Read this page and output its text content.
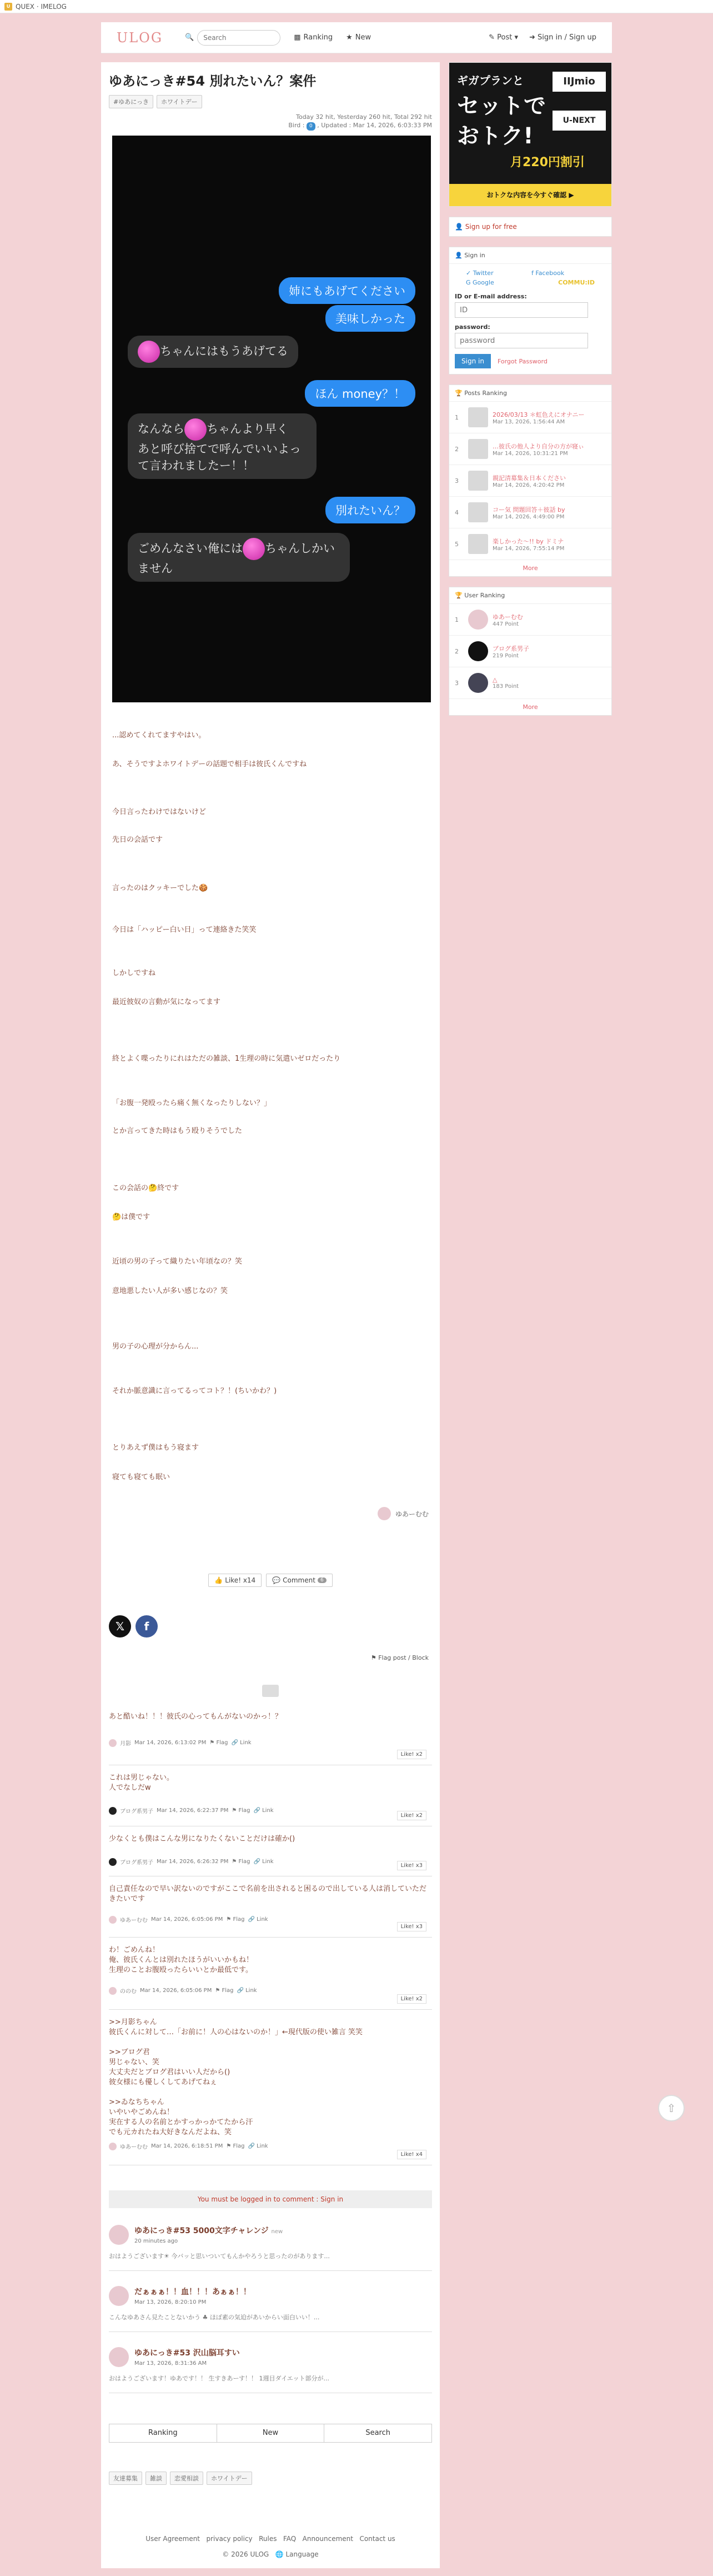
U QUEX · IMELOG
ULOG	🔍
Search	▩ Ranking ★ New	✎ Post ▾ ➜ Sign in / Sign up
ゆあにっき#54 別れたいん？案件
#ゆあにっき	ホワイトデー
Today 32 hit, Yesterday 260 hit, Total 292 hit
Bird : 0 , Updated : Mar 14, 2026, 6:03:33 PM
姉にもあげてください
美味しかった
ちゃんにはもうあげてる
ほん money？！
なんなら ちゃんより早く
あと呼び捨てで呼んでいいよって言われましたー！！
別れたいん？
ごめんなさい俺には ちゃんしかいません
...認めてくれてますやはい。
あ、そうですよホワイトデーの話題で相手は彼氏くんですね
今日言ったわけではないけど
先日の会話です
言ったのはクッキーでした🍪
今日は「ハッピー白い日」って連絡きた笑笑
しかしですね
最近彼奴の言動が気になってます
終とよく喋ったりにれはただの雑談、1生理の時に気遣いゼロだったり
「お腹一発殴ったら痛く無くなったりしない？」
とか言ってきた時はもう殴りそうでした
この会話の🤔終です
🤔は僕です
近頃の男の子って織りたい年頃なの？笑
意地悪したい人が多い感じなの？笑
男の子の心理が分からん...
それか脈意識に言ってるってコト？！(ちいかわ？)
とりあえず僕はもう寝ます
寝ても寝ても眠い
ゆあーむむ
👍 Like! x14	💬 Comment	6
𝕏	f
⚑ Flag post / Block
あと酷いね！！！彼氏の心ってもんがないのかっ！？
月影 Mar 14, 2026, 6:13:02 PM ⚑ Flag 🔗 Link
Like! x2
これは男じゃない。
人でなしだw
ブログ系男子 Mar 14, 2026, 6:22:37 PM ⚑ Flag 🔗 Link
Like! x2
少なくとも僕はこんな男になりたくないことだけは確か()
ブログ系男子 Mar 14, 2026, 6:26:32 PM ⚑ Flag 🔗 Link
Like! x3
自己責任なので早い訳ないのですがここで名前を出されると困るので出している人は消していただきたいです
ゆあーむむ Mar 14, 2026, 6:05:06 PM ⚑ Flag 🔗 Link
Like! x3
わ！ごめんね！
俺、彼氏くんとは別れたほうがいいかもね！
生理のことお腹殴ったらいいとか最低です。
ののむ Mar 14, 2026, 6:05:06 PM ⚑ Flag 🔗 Link
Like! x2
>>月影ちゃん
彼氏くんに対して…「お前に！人の心はないのか！」←現代版の使い雑言 笑笑

>>ブログ君
男じゃない、笑
大丈夫だとブログ君はいい人だから()
彼女様にも優しくしてあげてねぇ

>>ゐなちちゃん
いやいやごめんね！
実在する人の名前とかすっかっかてたから汗
でも元カれたね大好きなんだよね、笑
ゆあーむむ Mar 14, 2026, 6:18:51 PM ⚑ Flag 🔗 Link
Like! x4
You must be logged in to comment : Sign in
ゆあにっき#53 5000文字チャレンジ new
20 minutes ago
おはようございます☀ 今バッと思いついてもんかやろうと思ったのがあります...
だぁぁぁ！！血！！！あぁぁ！！
Mar 13, 2026, 8:20:10 PM
こんなゆあさん見たことないかう ♣ ほぼ素の気迫があいからい面白いい！...
ゆあにっき#53 沢山脳耳すい
Mar 13, 2026, 8:31:36 AM
おはようございます！ゆあです！！ 生すきあーす！！ 1週目ダイエット部分が...
Ranking	New	Search
友達募集	雑談	恋愛相談	ホワイトデー
User Agreement privacy policy Rules FAQ Announcement Contact us
© 2026 ULOG 🌐 Language
ギガプランと
セットで
おトク!
IIJmio
U-NEXT
月220円割引
おトクな内容を今すぐ確認 ▶
👤 Sign up for free
👤 Sign in
✓ Twitter	f Facebook
G Google	COMMU:ID
ID or E-mail address:
ID
password:
password
Sign in	Forgot Password
🏆 Posts Ranking
1	2026/03/13 ＊虹色えにオナニー
Mar 13, 2026, 1:56:44 AM
2	…彼氏の他人より自分の方が寝ぃ
Mar 14, 2026, 10:31:21 PM
3	親記清募集＆日本ください
Mar 14, 2026, 4:20:42 PM
4	コー気 問題回答＋彼話 by
Mar 14, 2026, 4:49:00 PM
5	楽しかった〜!! by ドミナ
Mar 14, 2026, 7:55:14 PM
More
🏆 User Ranking
1	ゆあーむむ
447 Point
2	ブログ系男子
219 Point
3	△
183 Point
More
⇧
